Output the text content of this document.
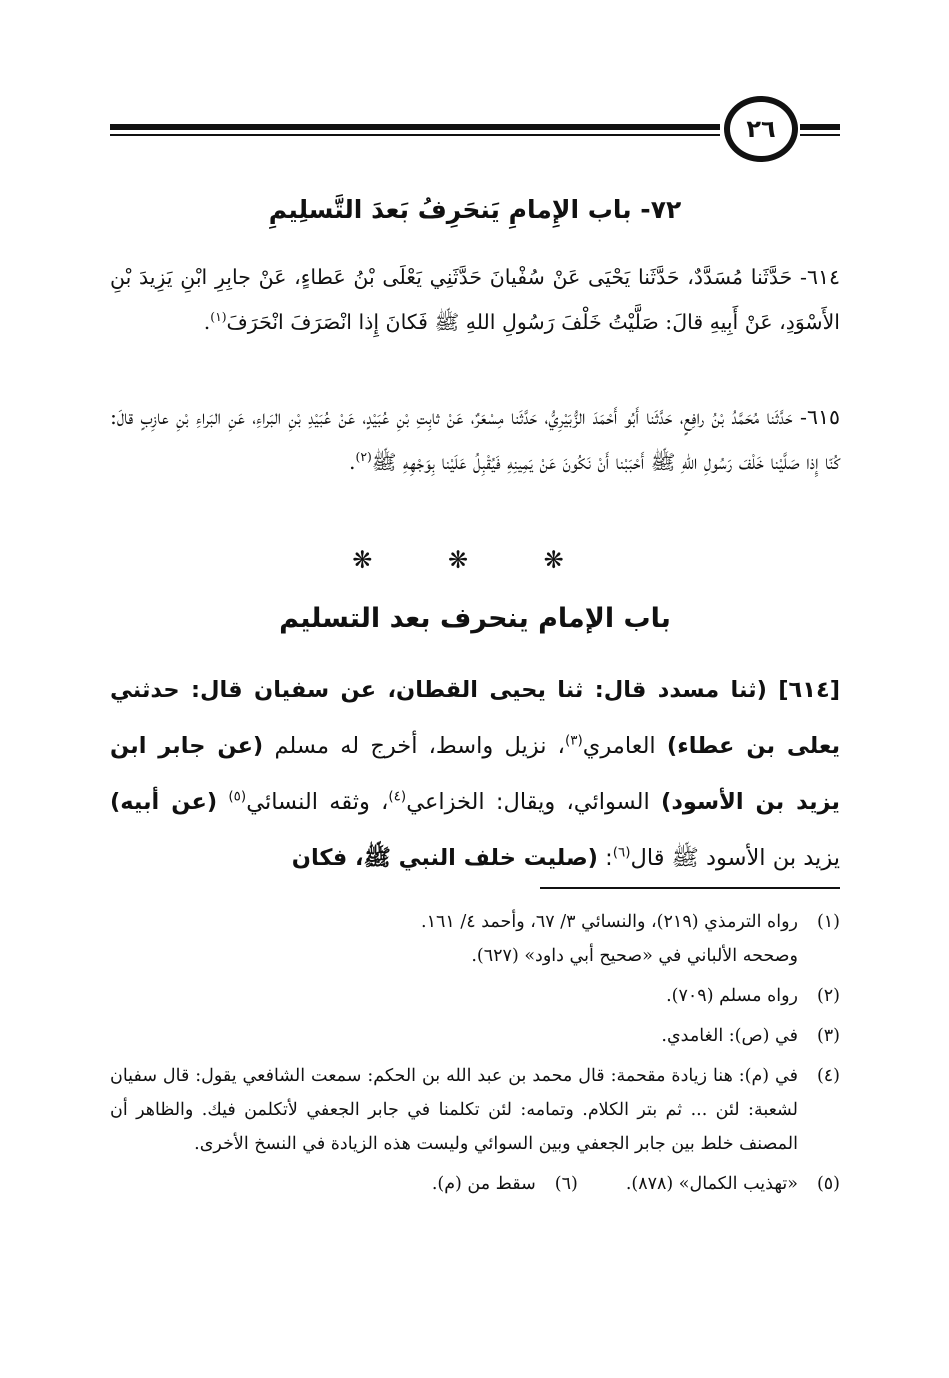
٢٦
٧٢- باب الإِمامِ يَنحَرِفُ بَعدَ التَّسلِيمِ
٦١٤- حَدَّثَنا مُسَدَّدٌ، حَدَّثَنا يَحْيَى عَنْ سُفْيانَ حَدَّثَنِي يَعْلَى بْنُ عَطاءٍ، عَنْ جابِرِ ابْنِ يَزِيدَ بْنِ الأَسْوَدِ، عَنْ أَبِيهِ قالَ: صَلَّيْتُ خَلْفَ رَسُولِ اللهِ ﷺ فَكانَ إِذا انْصَرَفَ انْحَرَفَ$^{(١)}$.
٦١٥- حَدَّثَنا مُحَمَّدُ بْنُ رافِعٍ، حَدَّثَنا أَبُو أَحْمَدَ الزُّبَيْرِيُّ، حَدَّثَنا مِسْعَرٌ، عَنْ ثابِتِ بْنِ عُبَيْدٍ، عَنْ عُبَيْدِ بْنِ البَراءِ، عَنِ البَراءِ بْنِ عازِبٍ قالَ: كُنّا إِذا صَلَّيْنا خَلْفَ رَسُولِ اللهِ ﷺ أَحْبَبْنا أَنْ نَكُونَ عَنْ يَمِينِهِ فَيُقْبِلُ عَلَيْنا بِوَجْهِهِ ﷺ$^{(٢)}$.
❋ ❋ ❋
باب الإمام ينحرف بعد التسليم
[٦١٤] (ثنا مسدد قال: ثنا يحيى القطان، عن سفيان قال: حدثني يعلى بن عطاء) العامري$^{(٣)}$، نزيل واسط، أخرج له مسلم (عن جابر ابن يزيد بن الأسود) السوائي، ويقال: الخزاعي$^{(٤)}$، وثقه النسائي$^{(٥)}$ (عن أبيه) يزيد بن الأسود ﷺ قال$^{(٦)}$: (صليت خلف النبي ﷺ، فكان
(١)
رواه الترمذي (٢١٩)، والنسائي ٣/ ٦٧، وأحمد ٤/ ١٦١.
وصححه الألباني في «صحيح أبي داود» (٦٢٧).
(٢)
رواه مسلم (٧٠٩).
(٣)
في (ص): الغامدي.
(٤)
في (م): هنا زيادة مقحمة: قال محمد بن عبد الله بن الحكم: سمعت الشافعي يقول: قال سفيان لشعبة: لئن ... ثم بتر الكلام. وتمامه: لئن تكلمنا في جابر الجعفي لأتكلمن فيك. والظاهر أن المصنف خلط بين جابر الجعفي وبين السوائي وليست هذه الزيادة في النسخ الأخرى.
(٥)
«تهذيب الكمال» (٨٧٨).
(٦)
سقط من (م).
